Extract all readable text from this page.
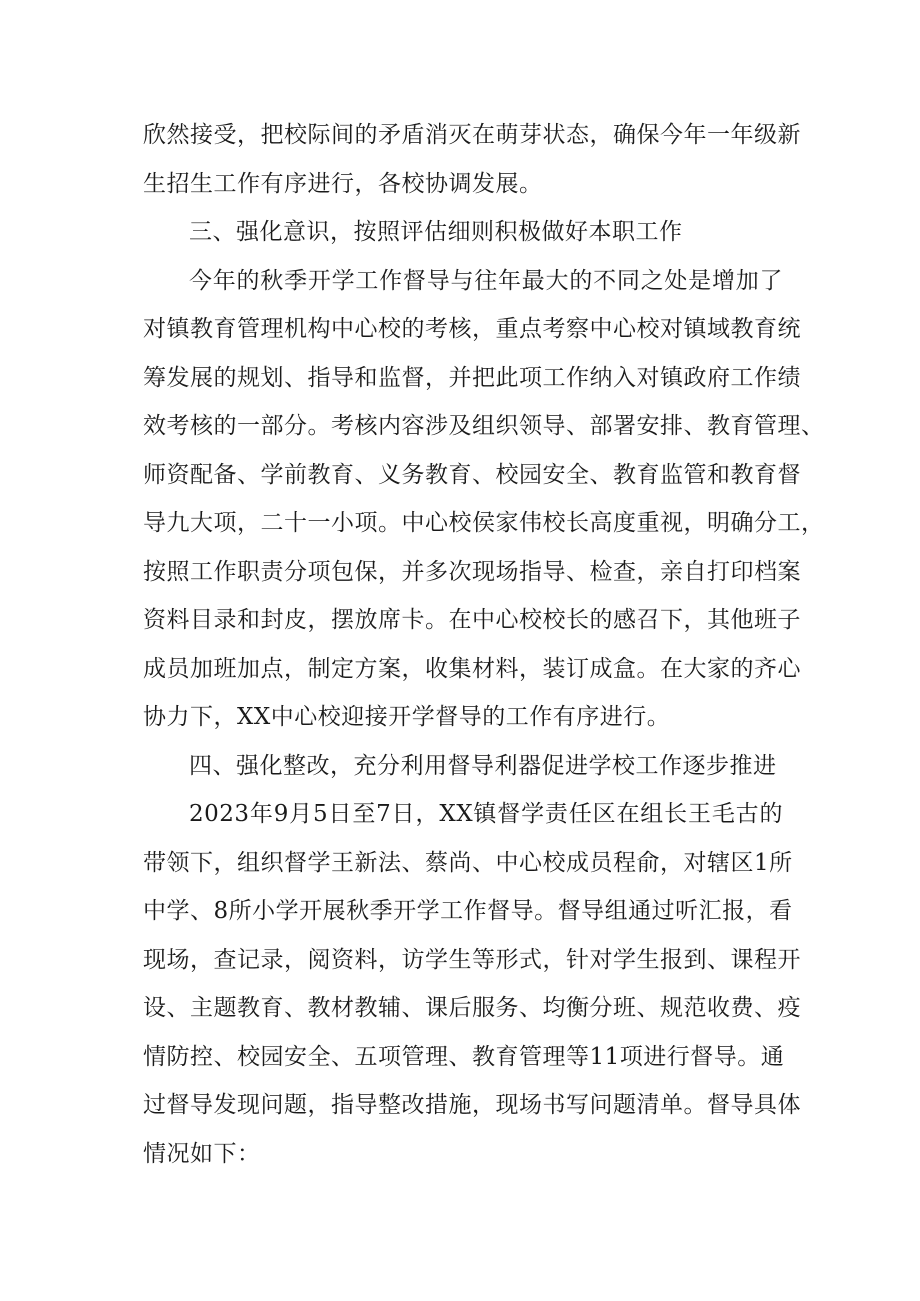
欣然接受，把校际间的矛盾消灭在萌芽状态，确保今年一年级新
生招生工作有序进行，各校协调发展。
三、强化意识，按照评估细则积极做好本职工作
今年的秋季开学工作督导与往年最大的不同之处是增加了
对镇教育管理机构中心校的考核，重点考察中心校对镇域教育统
筹发展的规划、指导和监督，并把此项工作纳入对镇政府工作绩
效考核的一部分。考核内容涉及组织领导、部署安排、教育管理、
师资配备、学前教育、义务教育、校园安全、教育监管和教育督
导九大项，二十一小项。中心校侯家伟校长高度重视，明确分工，
按照工作职责分项包保，并多次现场指导、检查，亲自打印档案
资料目录和封皮，摆放席卡。在中心校校长的感召下，其他班子
成员加班加点，制定方案，收集材料，装订成盒。在大家的齐心
协力下，XX中心校迎接开学督导的工作有序进行。
四、强化整改，充分利用督导利器促进学校工作逐步推进
2023年9月5日至7日，XX镇督学责任区在组长王毛古的
带领下，组织督学王新法、蔡尚、中心校成员程俞，对辖区1所
中学、8所小学开展秋季开学工作督导。督导组通过听汇报，看
现场，查记录，阅资料，访学生等形式，针对学生报到、课程开
设、主题教育、教材教辅、课后服务、均衡分班、规范收费、疫
情防控、校园安全、五项管理、教育管理等11项进行督导。通
过督导发现问题，指导整改措施，现场书写问题清单。督导具体
情况如下：
